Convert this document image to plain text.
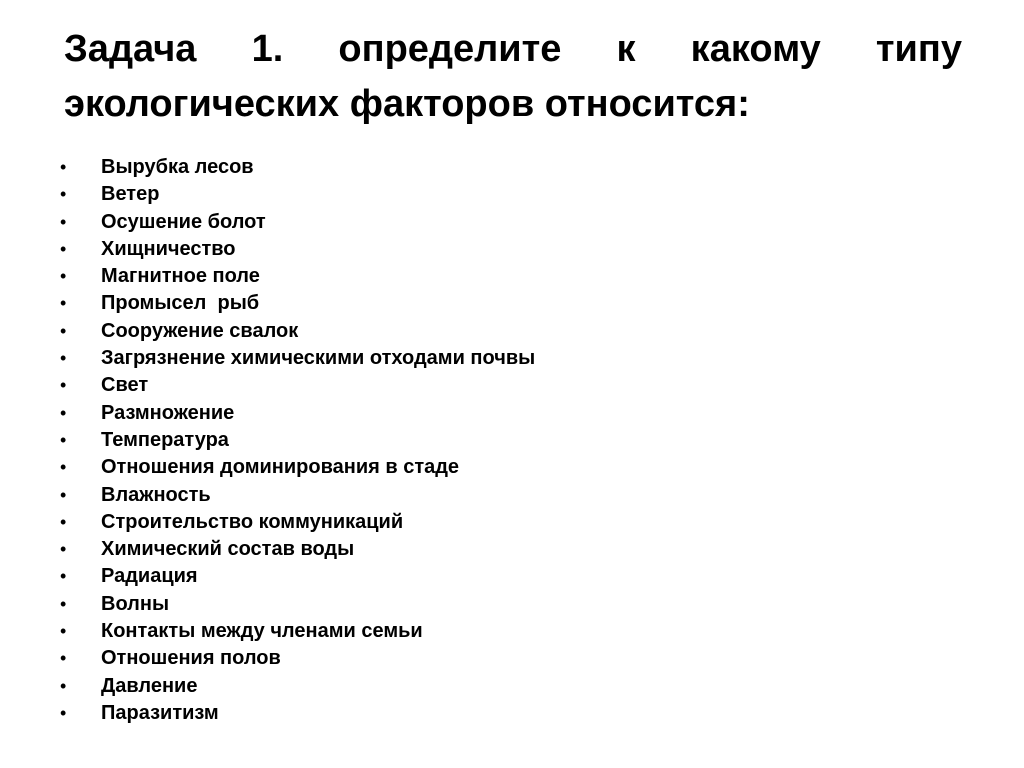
Задача 1. определите к какому типу
экологических факторов относится:
•	Вырубка лесов
•	Ветер
•	Осушение болот
•	Хищничество
•	Магнитное поле
•	Промысел  рыб
•	Сооружение свалок
•	Загрязнение химическими отходами почвы
•	Свет
•	Размножение
•	Температура
•	Отношения доминирования в стаде
•	Влажность
•	Строительство коммуникаций
•	Химический состав воды
•	Радиация
•	Волны
•	Контакты между членами семьи
•	Отношения полов
•	Давление
•	Паразитизм
